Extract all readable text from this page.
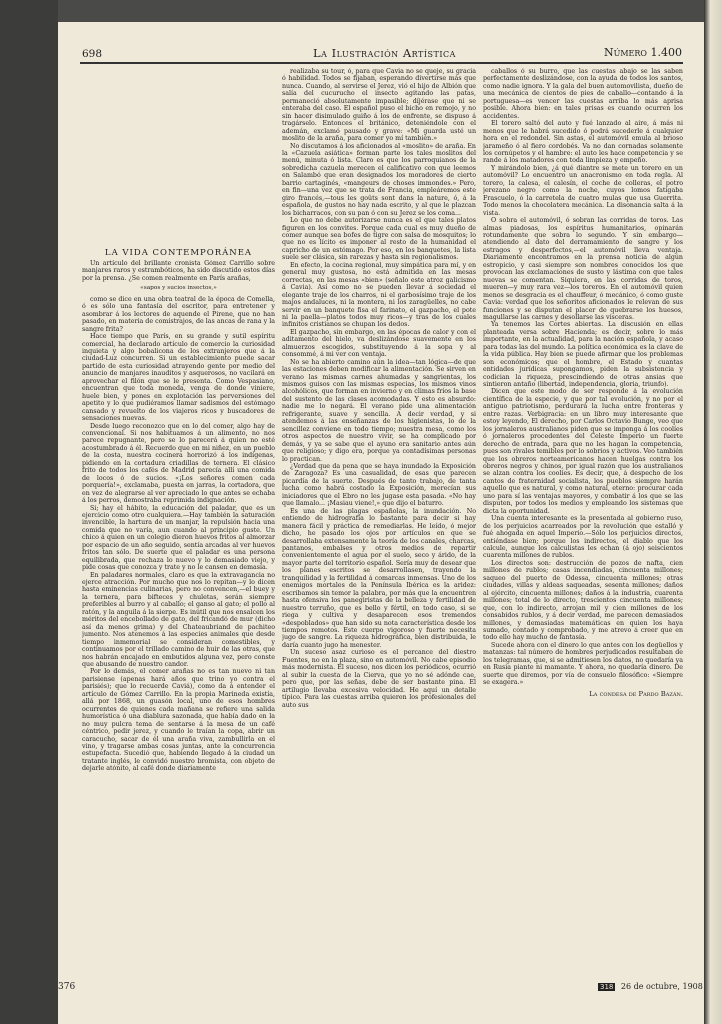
698	La Ilustración Artística	Número 1.400
LA VIDA CONTEMPORÁNEA

Un artículo del brillante cronista Gómez Carrillo sobre manjares raros y estrambóticos, ha sido discutido estos días por la prensa. ¿Se comen realmente en París arañas,

«sapos y sucios insectos,»

como se dice en una obra teatral de la época de Comella, ó es sólo una fantasía del escritor, para entretener y asombrar á los lectores de aquende el Pirene, que no han pasado, en materia de comistrajos, de las ancas de rana y la sangre frita?

Hace tiempo que París, en su grande y sutil espíritu comercial, ha declarado artículo de comercio la curiosidad inquieta y algo bobalicona de los extranjeros que á la ciudad-Luz concurren. Si un establecimiento puede sacar partido de esta curiosidad atrayendo gente por medio del anuncio de manjares inauditos y asquerosos, no vacilará en aprovechar el filón que se le presenta. Como Vespasiano, encuentran que toda moneda, venga de donde viniere, huele bien, y pones en explotación las perversiones del apetito y lo que pudiéramos llamar sadismos del estómago cansado y revuelto de los viajeros ricos y buscadores de sensaciones nuevas.

Desde luego reconozco que en lo del comer, algo hay de convencional. Si nos habituamos á un alimento, no nos parece repugnante, pero se lo parecerá á quien no esté acostumbrado á él. Recuerdo que en mi niñez, en un pueblo de la costa, nuestra cocinera horrorizó á los indígenas, pidiendo en la cortadura criadillas de ternera. El clásico frito de todos los cafés de Madrid parecía allí una comida de locos ó de sucios. «¡Los señores comen cada porquería!», exclamaba, puesta en jarras, la cortadora, que en vez de alegrarse al ver apreciado lo que antes se echaba á los perros, demostraba reprimida indignación.

Si; hay el hábito, la educación del paladar, que es un ejercicio como otro cualquiera.—Hay también la saturación invencible, la hartura de un manjar, la repulsión hacia una comida que no varía, aun cuando al principio guste. Un chico á quien en un colegio dieron huevos fritos al almorzar por espacio de un año seguido, sentía arcadas al ver huevos fritos tan sólo. De suerte que el paladar es una persona equilibrada, que rechaza lo nuevo y lo demasiado viejo, y pide cosas que conozca y trate y no le cansen en demasía.

En paladares normales, claro es que la extravagancia no ejerce atracción. Por mucho que nos lo repitan—y lo dicen hasta eminencias culinarias, pero no convencen,—el buey y la ternera, para bifteces y chuletas, serán siempre preferibles al burro y al caballo; el ganso al gato; el pollo al ratón, y la anguila á la sierpe. Es inútil que nos ensalcen los méritos del encebollado de gato, del fricandó de mur (dicho así da menos grima) y del Chateaubriand de pachiteo jumento. Nos atenemos á las especies animales que desde tiempo inmemorial se consideran comestibles, y continuamos por el trillado camino de huir de las otras, que nos habrán encajado en embutidos alguna vez, pero conste que abusando de nuestro candor.

Por lo demás, el comer arañas no es tan nuevo ni tan parisiense (apenas hará años que trino yo contra el parisiés); que lo recuerde Caviá), como da á entender el artículo de Gómez Carrillo. En la propia Marineda existía, allá por 1868, un guasón local, uno de esos hombres ocurrentes de quienes cada mañana se refiere una salida humorística ó una diablura sazonada, que había dado en la no muy pulcra tema de sentarse á la mesa de un café céntrico, pedir jerez, y cuando le traían la copa, abrir un caracucho, sacar de él una araña viva, zambullirla en el vino, y tragarse ambas cosas juntas, ante la concurrencia estupefacta. Sucedió que, habiendo llegado á la ciudad un tratante inglés, le convidó nuestro bromista, con objeto de dejarle atónito, al café donde diariamente

realizaba su tour, ó, para que Cavia no se queje, su gracia ó habilidad. Todos se fijaban, esperando divertirse más que nunca. Cuando, al servirse el Jerez, vió el hijo de Albión que salía del cucurucho el insecto agitando las patas, permaneció absolutamente impasible; díjérase que ni se enteraba del caso. El español puso el bicho en remojo, y no sin hacer disimulado guiño á los de enfrente, se dispuso á tragárselo. Entonces el británico, deteniéndole con el ademán, exclamó pausado y grave: «Mi guarda usté un moslito de la araña, para comer yo mí también.»

No discutamos á los aficionados al «moslito» de araña. En la «Cazuela asiática» forman parte los tales moslitos del menú, minuta ó lista. Claro es que los parroquianos de la sobredicha cazuela merecen el calificativo con que leemos en Salambó que eran designados los moradores de cierto barrio cartaginés, «mangeurs de choses immondes.» Pero, en fin—una vez que se trata de Francia, empleáremos este giro francés,—tous les goûts sont dans la nature, ó, á la española, de gustos no hay nada escrito, y al que le plazcan los bicharracos, con su pan ó con su Jerez se los coma...

Lo que no debe autorizarse nunca es el que tales platos figuren en los convites. Porque cada cual es muy dueño de comer aunque sea bofes de tigre con salsa de mosquitos; lo que no es lícito es imponer al resto de la humanidad el capricho de un estómago. Por eso, en los banquetes, la lista suele ser clásica, sin rarezas y hasta sin regionalismos.

En efecto, la cocina regional, muy simpática para mí, y en general muy gustosa, no está admitida en las mesas correctas, en las mesas «bien» (señalo este atroz galicismo á Cavia). Así como no se pueden llevar á sociedad el elegante traje de los charros, ni el garbosísimo traje de los majos andaluces, ni la montera, ni los zaragüelles, no cabe servir en un banquete fisa el farinato, el gazpacho, el pote ni la paella—platos todos muy ricos—y tras de los cuales infinitos cristianos se chupan los dedos.

El gazpacho, sin embargo, en las épocas de calor y con el aditamento del hielo, va deslizándose suavemente en los almuerzos escogidos, substituyendo á la sopa y al consommé, á mi ver con ventaja.

No se ha abierto camino aún la idea—tan lógica—de que las estaciones deben modificar la alimentación. Se sirven en verano las mismas carnes ahumadas y sangrientas, los mismos guisos con las mismas especias, los mismos vinos alcohólicos, que forman en invierno y en climas fríos la base del sustento de las clases acomodadas. Y esto es absurdo: nadie me lo negará. El verano pide una alimentación refrigerante, suave y sencilla. A decir verdad, y si atendemos á las enseñanzas de los higienistas, lo de la sencillez conviene en todo tiempo; nuestra mesa, como los otros aspectos de nuestro vivir, se ha complicado por demás, y ya se sabe que el ayuno era sanitario antes aún que religioso; y digo era, porque ya contadísimas personas lo practican.

¿Verdad que da pena que se haya inundado la Exposición de Zaragoza? Es una casualidad, de esas que parecen picardía de la suerte. Después de tanto trabajo, de tanta lucha como habrá costado la Exposición, merecían sus iniciadores que el Ebro no les jugase esta pasada. «No hay que llamalo... ¡Masiau viene!,» que dijo el baturro.

Es una de las plagas españolas, la inundación. No entiendo de hidrografía lo bastante para decir si hay manera fácil y práctica de remediarlas. He leído, ó mejor dicho, he pasado los ojos por artículos en que se desarrollaba extensamente la teoría de los canales, charcas, pantanos, embalses y otros medios de repartir convenientemente el agua por el suelo, seco y árido, de la mayor parte del territorio español. Sería muy de desear que los planes escritos se desarrollasen, trayendo la tranquilidad y la fertilidad á comarcas inmensas. Uno de los enemigos mortales de la Península Ibérica es la aridez: escribamos sin temor la palabra, por más que la encuentren hasta ofensiva los panegiristas de la belleza y fertilidad de nuestro terruño, que es bello y fértil, en todo caso, si se riega y cultiva y desaparecen esos tremendos «despoblados» que han sido su nota característica desde los tiempos remotos. Este cuerpo vigoroso y fuerte necesita jugo de sangre. La riqueza hidrográfica, bien distribuida, le daría cuanto jugo ha menester.

Un suceso asaz curioso es el percance del diestro Fuentes, no en la plaza, sino en automóvil. No cabe episodio más modernista. El suceso, nos dicen los periódicos, ocurrió al subir la cuesta de la Cierva, que yo no sé adónde cae, pero que, por las señas, debe de ser bastante pina. El artilugio llevaba excesiva velocidad. He aquí un detalle típico. Para las cuestas arriba quieren los profesionales del auto sus

caballos ó su burro, que las cuestas abajo se las saben perfectamente deslizándose, con la ayuda de todos los santos, como nadie ignora. Y la gala del buen automovilista, dueño de una mecánica de cientos de pies de caballo—contando á la portuguesa—es vencer las cuestas arriba lo más aprisa posible. Ahora bien: en tales prisas es cuando ocurren los accidentes.

El torero saltó del auto y fué lanzado al aire, á más ni menos que le habrá sucedido ó podrá sucederle á cualquier hora en el redondel. Sin astas, el automóvil emula al brioso jarameño ó al fiero cordobés. Va no dan cornadas solamente los cornúpetos y el hambre: el auto les hace competencia y se rande á los matadores con toda limpieza y empeño.

Y mirándolo bien, ¿á qué diantre se mete un torero en un automóvil? Lo encuentro un anacronismo en toda regla. Al torero, la calesa, el calesín, el coche de colleras, el potro jerezano negro como la noche, cuyos lomos fatigaba Frascuelo, ó la carretela de cuatro mulas que usa Guerrita. Todo menos la chocolatera mecánica. La disonancia salta á la vista.

O sobra el automóvil, ó sobran las corridas de toros. Las almas piadosas, los espíritus humanitarios, opinarán rotundamente que sobra lo segundo. Y sin embargo—atendiendo al dato del derramamiento de sangre y los estragos y desperfectos,—el automóvil lleva ventaja. Diariamente encontramos en la prensa noticia de algún estropicio, y casi siempre son nombres conocidos los que provocan las exclamaciones de susto y lástima con que tales nuevas se comentan. Siquiera, en las corridas de toros, mueren—y muy rara vez—los toreros. En el automóvil quien menos se desgracia es el chauffeur, ó mecánico, ó como guste Cavia: verdad que los señoritos aficionados le relevan de sus funciones y se disputan el placer de quebrarse los huesos, magullarse las carnes y desollarse las vísceras.

Ya tenemos las Cortes abiertas. La discusión en ellas planteada versa sobre Hacienda; es decir, sobre lo más importante, en la actualidad, para la nación española, y acaso para todas las del mundo. La política económica es la clave de la vida pública. Hay bien se puede afirmar que los problemas son económicos; que el hombre, el Estado y cuantas entidades jurídicas supongamos, piden la subsistencia y codician la riqueza, prescindiendo de otras ansias que sintieron antaño (libertad, independencia, gloria, triunfo).

Dicen que este modo de ser responde á la evolución científica de la especie, y que por tal evolución, y no por el antiguo patriotismo, perdurará la lucha entre fronteras y entre razas. Verbigracia: en un libro muy interesante que estoy leyendo, El derecho, por Carlos Octavio Bunge, veo que los jornaleros australianos piden que se imponga á los coolíes ó jornaleros procedentes del Celeste Imperio un fuerte derecho de entrada, para que no les hagan la competencia, pues son rivales temibles por lo sobrios y activos. Veo también que los obreros norteamericanos hacen huelgas contra los obreros negros y chinos, por igual razón que los australianos se alzan contra los coolíes. Es decir, que, á despecho de los cantos de fraternidad socialista, los pueblos siempre harán aquello que es natural, y como natural, eterno: procurar cada uno para sí las ventajas mayores, y combatir á los que se las disputen, por todos los medios y empleando los sistemas que dicta la oportunidad.

Una cuenta interesante es la presentada al gobierno ruso, de los perjuicios acarreados por la revolución que estalló y fué ahogada en aquel Imperio.—Sólo los perjuicios directos, entiéndase bien; porque los indirectos, el diablo que los calcule, aunque los calculistas les echan (á ojo) seiscientos cuarenta millones de rublos.

Los directos son: destrucción de pozos de nafta, cien millones de rublos; casas incendiadas, cincuenta millones; saqueo del puerto de Odessa, cincuenta millones; otras ciudades, villas y aldeas saqueadas, sesenta millones; daños al ejército, cincuenta millones; daños á la industria, cuarenta millones; total de lo directo, trescientos cincuenta millones; que, con lo indirecto, arrojan mil y cien millones de los consabidos rublos, y á decir verdad, me parecen demasiados millones, y demasiadas matemáticas en quien los haya sumado, contado y comprobado, y me atrevo á creer que en todo ello hay mucho de fantasía.

Sucede ahora con el dinero lo que antes con los degüellos y matanzas: tal número de hombres perjudicados resultaban de los telegramas, que, si se admitiesen los datos, no quedaría ya en Rusia piante ni mamante. Y ahora, no quedaría dinero. De suerte que diremos, por vía de consuelo filosófico: «Siempre se exagera.»

La condesa de Pardo Bazán.

376	318 26 de octubre, 1908
